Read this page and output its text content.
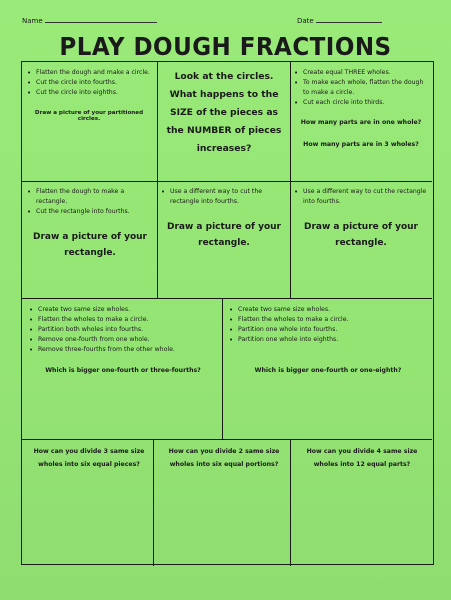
Name	Date
PLAY DOUGH FRACTIONS
• Flatten the dough and make a circle.
• Cut the circle into fourths.
• Cut the circle into eighths.
Draw a picture of your partitioned circles.
Look at the circles. What happens to the SIZE of the pieces as the NUMBER of pieces increases?
• Create equal THREE wholes.
• To make each whole, flatten the dough to make a circle.
• Cut each circle into thirds.
How many parts are in one whole?
How many parts are in 3 wholes?
• Flatten the dough to make a rectangle.
• Cut the rectangle into fourths.
Draw a picture of your rectangle.
• Use a different way to cut the rectangle into fourths.
Draw a picture of your rectangle.
• Use a different way to cut the rectangle into fourths.
Draw a picture of your rectangle.
• Create two same size wholes.
• Flatten the wholes to make a circle.
• Partition both wholes into fourths.
• Remove one-fourth from one whole.
• Remove three-fourths from the other whole.
Which is bigger one-fourth or three-fourths?
• Create two same size wholes.
• Flatten the wholes to make a circle.
• Partition one whole into fourths.
• Partition one whole into eighths.
Which is bigger one-fourth or one-eighth?
How can you divide 3 same size wholes into six equal pieces?
How can you divide 2 same size wholes into six equal portions?
How can you divide 4 same size wholes into 12 equal parts?
